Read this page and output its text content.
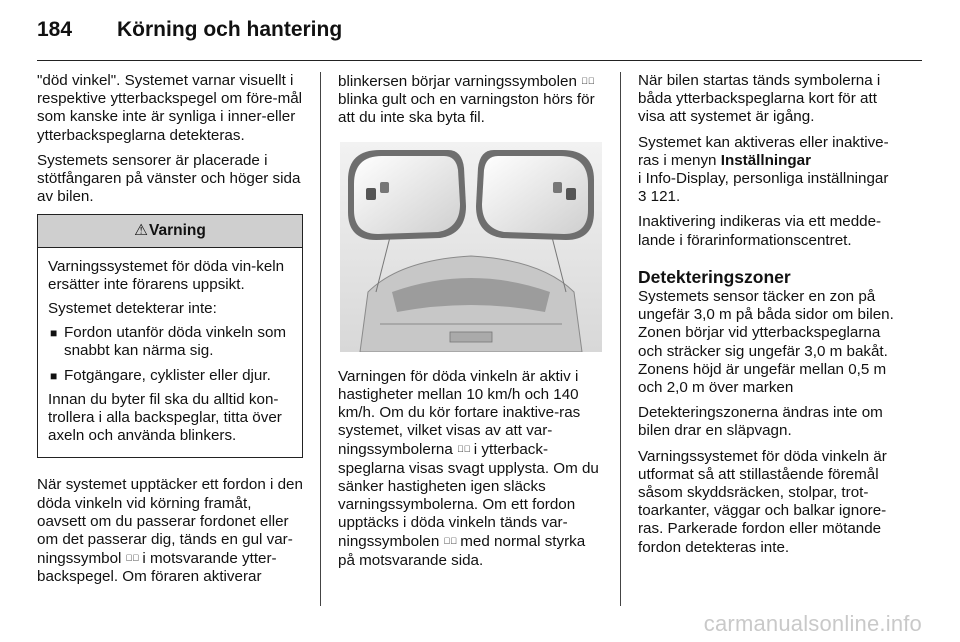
184	Körning och hantering

"död vinkel". Systemet varnar visuellt i respektive ytterbackspegel om före-mål som kanske inte är synliga i inner-eller ytterbackspeglarna detekteras.

Systemets sensorer är placerade i stötfångaren på vänster och höger sida av bilen.

⚠Varning

Varningssystemet för döda vin-keln ersätter inte förarens uppsikt.

Systemet detekterar inte:

■ Fordon utanför döda vinkeln som snabbt kan närma sig.
■ Fotgängare, cyklister eller djur.

Innan du byter fil ska du alltid kon-trollera i alla backspeglar, titta över axeln och använda blinkers.

När systemet upptäcker ett fordon i den döda vinkeln vid körning framåt, oavsett om du passerar fordonet eller om det passerar dig, tänds en gul var-ningssymbol ⬉⃞ i motsvarande ytter-backspegel. Om föraren aktiverar

blinkersen börjar varningssymbolen ⬉⃞ blinka gult och en varningston hörs för att du inte ska byta fil.

Varningen för döda vinkeln är aktiv i hastigheter mellan 10 km/h och 140 km/h. Om du kör fortare inaktive-ras systemet, vilket visas av att var-ningssymbolerna ⬉⃞ i ytterback-speglarna visas svagt upplysta. Om du sänker hastigheten igen släcks varningssymbolerna. Om ett fordon upptäcks i döda vinkeln tänds var-ningssymbolen ⬉⃞ med normal styrka på motsvarande sida.

När bilen startas tänds symbolerna i båda ytterbackspeglarna kort för att visa att systemet är igång.

Systemet kan aktiveras eller inaktive-ras i menyn Inställningar
i Info-Display, personliga inställningar
3 121.

Inaktivering indikeras via ett medde-lande i förarinformationscentret.

Detekteringszoner

Systemets sensor täcker en zon på ungefär 3,0 m på båda sidor om bilen. Zonen börjar vid ytterbackspeglarna och sträcker sig ungefär 3,0 m bakåt. Zonens höjd är ungefär mellan 0,5 m och 2,0 m över marken

Detekteringszonerna ändras inte om bilen drar en släpvagn.

Varningssystemet för döda vinkeln är utformat så att stillastående föremål såsom skyddsräcken, stolpar, trot-toarkanter, väggar och balkar ignore-ras. Parkerade fordon eller mötande fordon detekteras inte.

carmanualsonline.info
